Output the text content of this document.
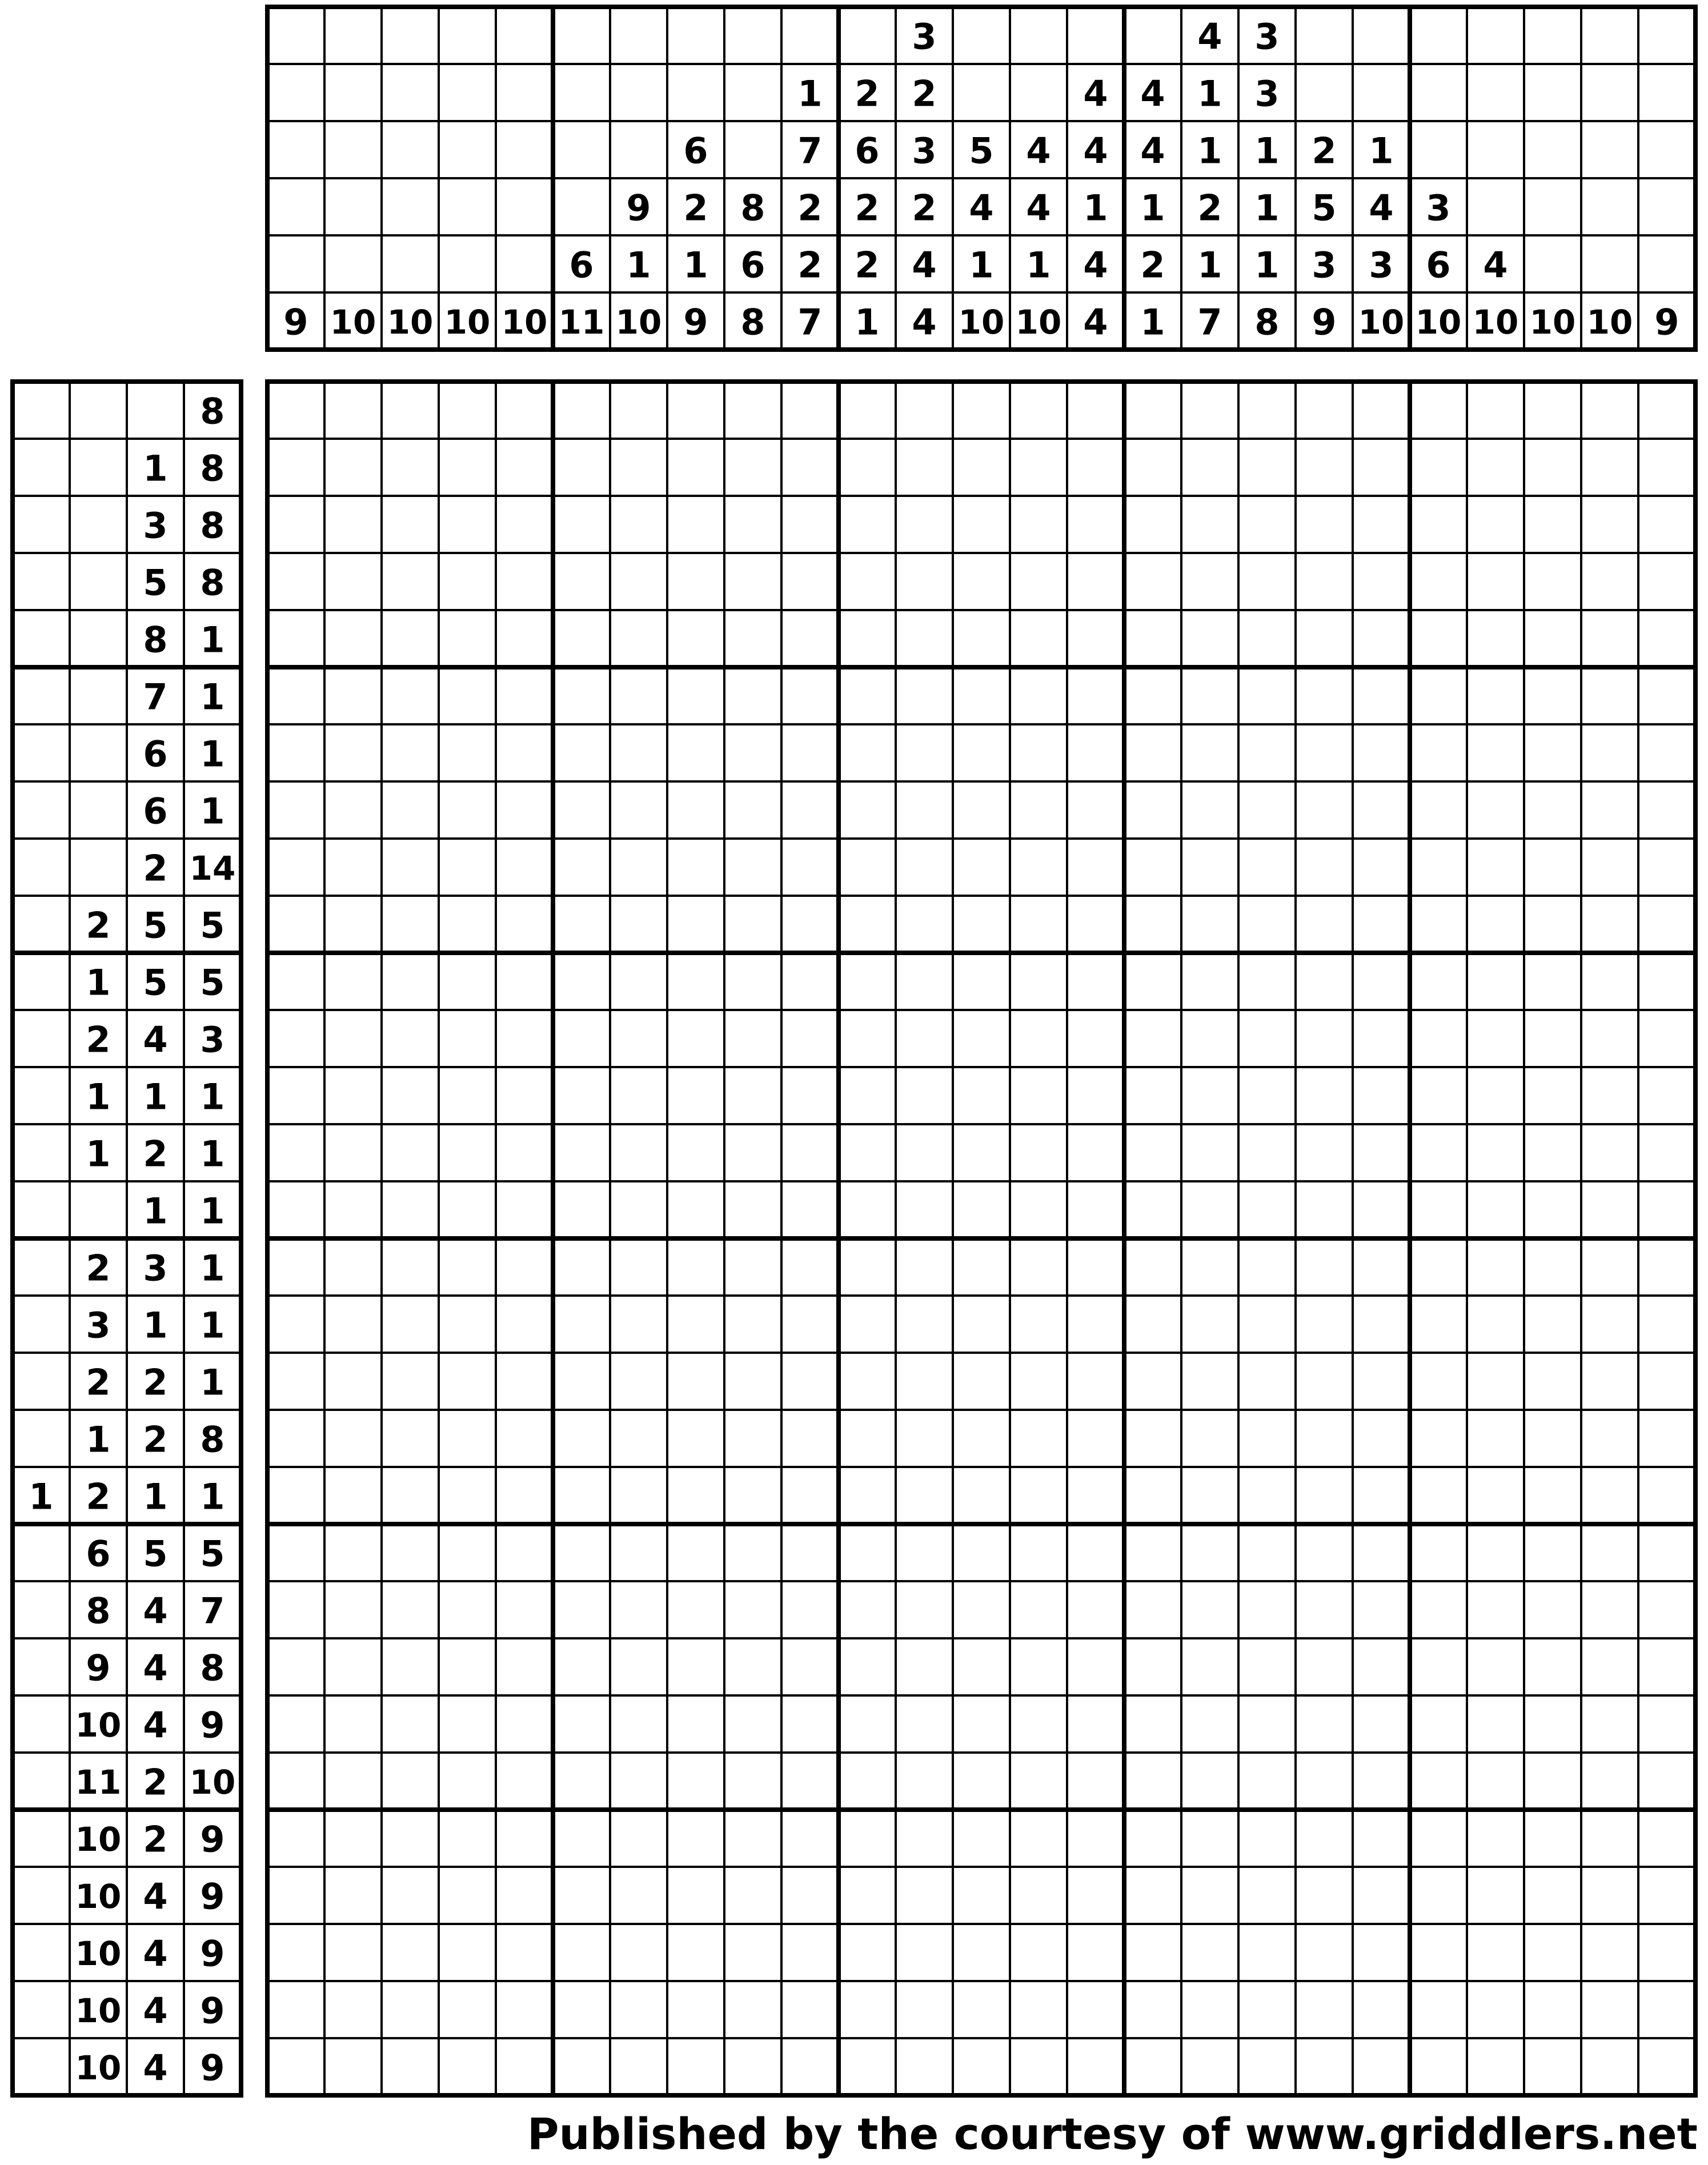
9 10 10 10 10
6
11
9
1
10
6
2
1
9
8
6
8
1
7
2
2
7
2
6
2
2
1
3
2
3
2
4
4
5
4
1
10
4
4
1
10
4
4
1
4
4
4
4
1
2
1
4
1
1
2
1
7
3
3
1
1
1
8
2
5
3
9
1
4
3
10
3
6
10
4
10 10 10 9
8
1 8
3 8
5 8
8 1
7 1
6 1
6 1
2 14
2 5 5
1 5 5
2 4 3
1 1 1
1 2 1
1 1
2 3 1
3 1 1
2 2 1
1 2 8
1 2 1 1
6 5 5
8 4 7
9 4 8
10 4 9
11 2 10
10 2 9
10 4 9
10 4 9
10 4 9
10 4 9
Published by the courtesy of www.griddlers.net
